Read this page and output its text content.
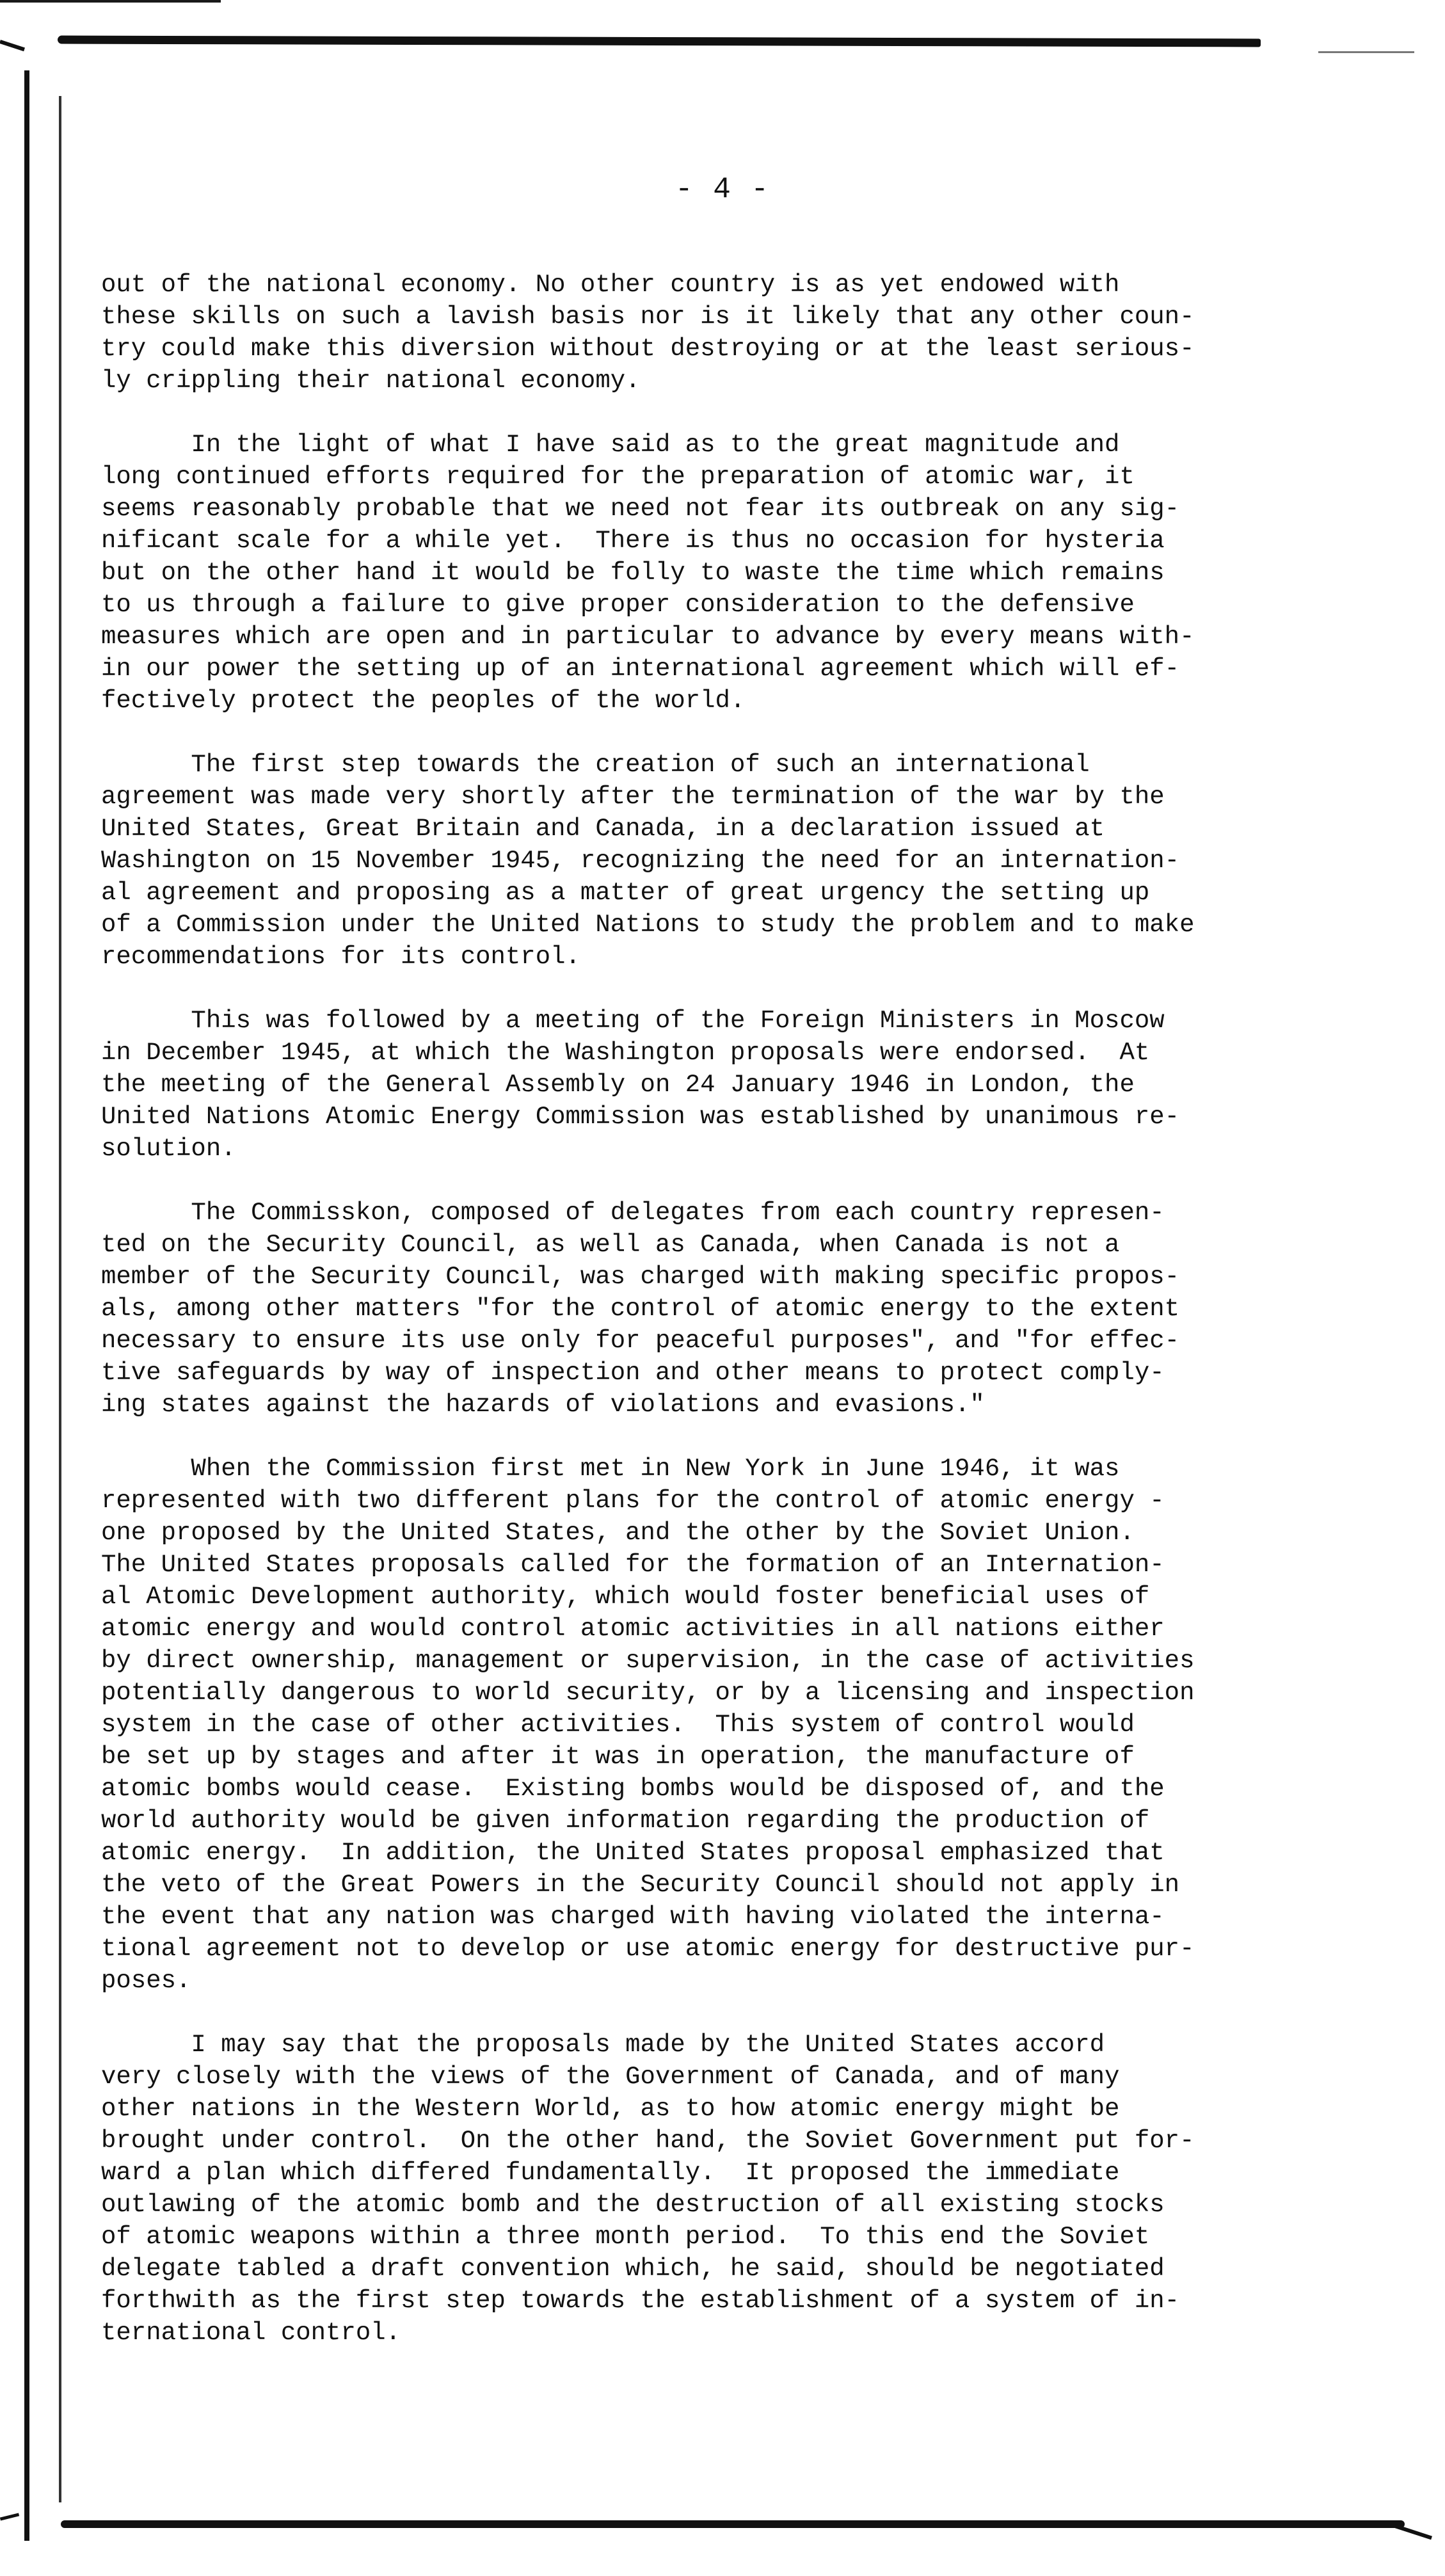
- 4 -
out of the national economy. No other country is as yet endowed with
these skills on such a lavish basis nor is it likely that any other coun-
try could make this diversion without destroying or at the least serious-
ly crippling their national economy.
In the light of what I have said as to the great magnitude and
long continued efforts required for the preparation of atomic war, it
seems reasonably probable that we need not fear its outbreak on any sig-
nificant scale for a while yet.  There is thus no occasion for hysteria
but on the other hand it would be folly to waste the time which remains
to us through a failure to give proper consideration to the defensive
measures which are open and in particular to advance by every means with-
in our power the setting up of an international agreement which will ef-
fectively protect the peoples of the world.
The first step towards the creation of such an international
agreement was made very shortly after the termination of the war by the
United States, Great Britain and Canada, in a declaration issued at
Washington on 15 November 1945, recognizing the need for an internation-
al agreement and proposing as a matter of great urgency the setting up
of a Commission under the United Nations to study the problem and to make
recommendations for its control.
This was followed by a meeting of the Foreign Ministers in Moscow
in December 1945, at which the Washington proposals were endorsed.  At
the meeting of the General Assembly on 24 January 1946 in London, the
United Nations Atomic Energy Commission was established by unanimous re-
solution.
The Commisskon, composed of delegates from each country represen-
ted on the Security Council, as well as Canada, when Canada is not a
member of the Security Council, was charged with making specific propos-
als, among other matters "for the control of atomic energy to the extent
necessary to ensure its use only for peaceful purposes", and "for effec-
tive safeguards by way of inspection and other means to protect comply-
ing states against the hazards of violations and evasions."
When the Commission first met in New York in June 1946, it was
represented with two different plans for the control of atomic energy -
one proposed by the United States, and the other by the Soviet Union.
The United States proposals called for the formation of an Internation-
al Atomic Development authority, which would foster beneficial uses of
atomic energy and would control atomic activities in all nations either
by direct ownership, management or supervision, in the case of activities
potentially dangerous to world security, or by a licensing and inspection
system in the case of other activities.  This system of control would
be set up by stages and after it was in operation, the manufacture of
atomic bombs would cease.  Existing bombs would be disposed of, and the
world authority would be given information regarding the production of
atomic energy.  In addition, the United States proposal emphasized that
the veto of the Great Powers in the Security Council should not apply in
the event that any nation was charged with having violated the interna-
tional agreement not to develop or use atomic energy for destructive pur-
poses.
I may say that the proposals made by the United States accord
very closely with the views of the Government of Canada, and of many
other nations in the Western World, as to how atomic energy might be
brought under control.  On the other hand, the Soviet Government put for-
ward a plan which differed fundamentally.  It proposed the immediate
outlawing of the atomic bomb and the destruction of all existing stocks
of atomic weapons within a three month period.  To this end the Soviet
delegate tabled a draft convention which, he said, should be negotiated
forthwith as the first step towards the establishment of a system of in-
ternational control.
